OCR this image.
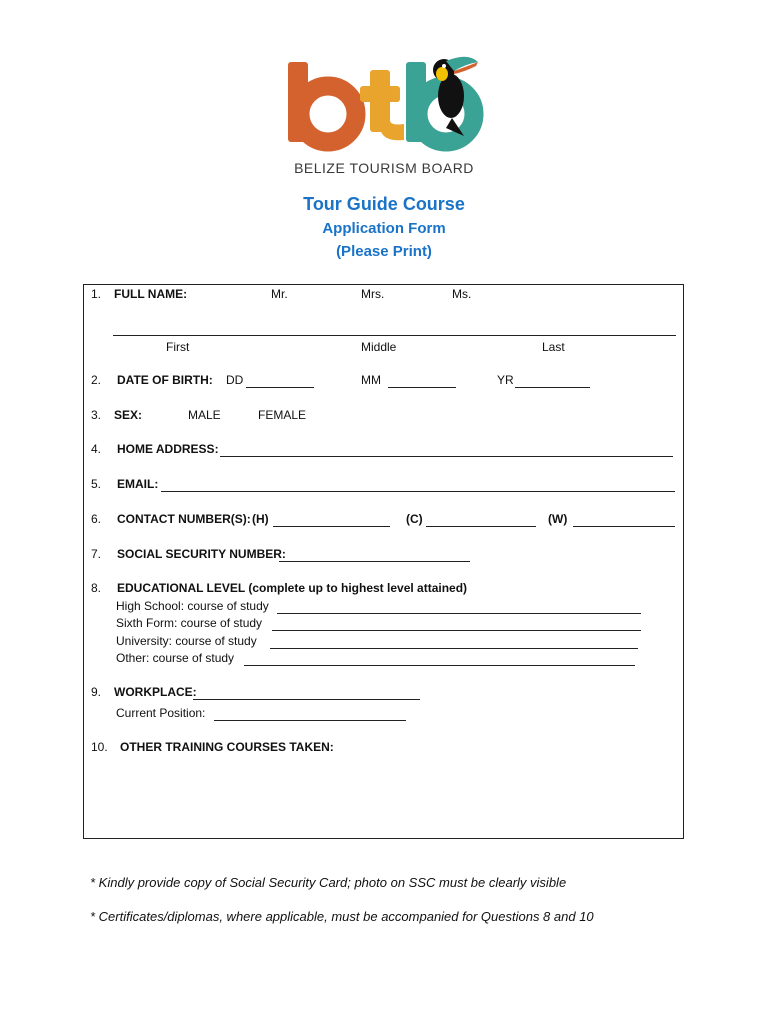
BELIZE TOURISM BOARD
Tour Guide Course
Application Form
(Please Print)
1. FULL NAME:	Mr.	Mrs.	Ms.
First	Middle	Last
2. DATE OF BIRTH: DD	MM	YR
3. SEX:	MALE	FEMALE
4. HOME ADDRESS:
5. EMAIL:
6. CONTACT NUMBER(S): (H)	(C)	(W)
7. SOCIAL SECURITY NUMBER:
8. EDUCATIONAL LEVEL (complete up to highest level attained)
High School: course of study
Sixth Form: course of study
University: course of study
Other: course of study
9. WORKPLACE:
Current Position:
10. OTHER TRAINING COURSES TAKEN:
* Kindly provide copy of Social Security Card; photo on SSC must be clearly visible
* Certificates/diplomas, where applicable, must be accompanied for Questions 8 and 10
